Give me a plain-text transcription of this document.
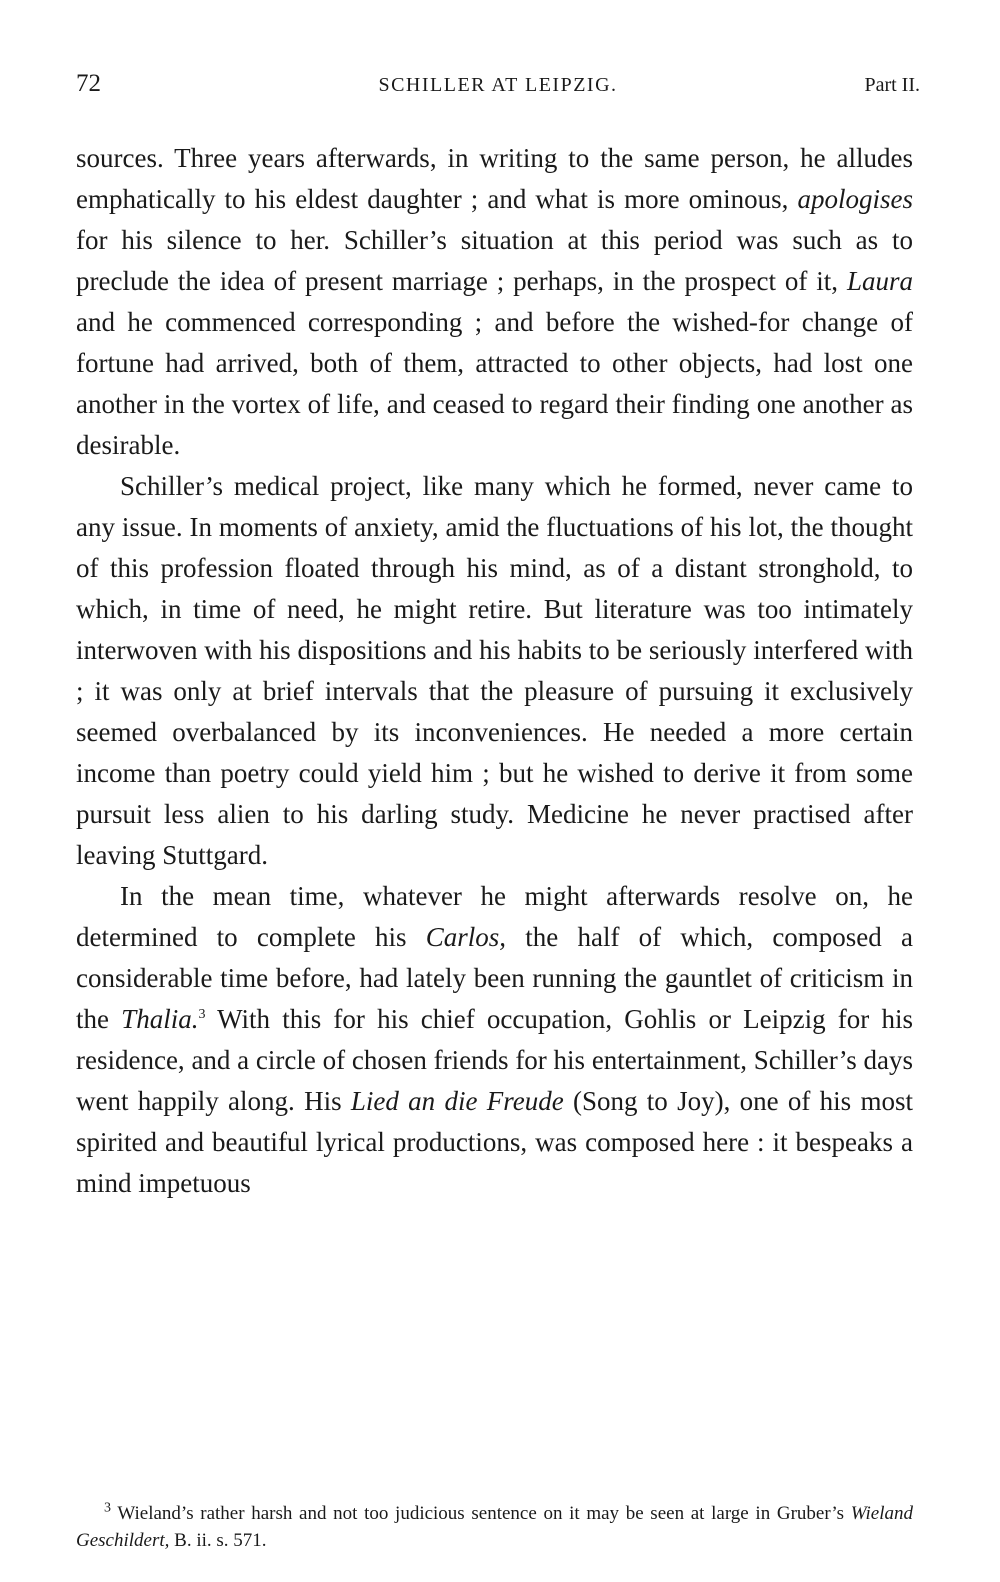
72	SCHILLER AT LEIPZIG.	Part II.

sources. Three years afterwards, in writing to the same person, he alludes emphatically to his eldest daughter ; and what is more ominous, apologises for his silence to her. Schiller’s situation at this period was such as to preclude the idea of present marriage ; perhaps, in the prospect of it, Laura and he commenced corresponding ; and before the wished-for change of fortune had arrived, both of them, attracted to other objects, had lost one another in the vortex of life, and ceased to regard their finding one another as desirable.

Schiller’s medical project, like many which he formed, never came to any issue. In moments of anxiety, amid the fluctuations of his lot, the thought of this profession floated through his mind, as of a distant stronghold, to which, in time of need, he might retire. But literature was too intimately interwoven with his dispositions and his habits to be seriously interfered with ; it was only at brief intervals that the pleasure of pursuing it exclusively seemed overbalanced by its inconveniences. He needed a more certain income than poetry could yield him ; but he wished to derive it from some pursuit less alien to his darling study. Medicine he never practised after leaving Stuttgard.

In the mean time, whatever he might afterwards resolve on, he determined to complete his Carlos, the half of which, composed a considerable time before, had lately been running the gauntlet of criticism in the Thalia.$^3$ With this for his chief occupation, Gohlis or Leipzig for his residence, and a circle of chosen friends for his entertainment, Schiller’s days went happily along. His Lied an die Freude (Song to Joy), one of his most spirited and beautiful lyrical productions, was composed here : it bespeaks a mind impetuous

$^3$ Wieland’s rather harsh and not too judicious sentence on it may be seen at large in Gruber’s Wieland Geschildert, B. ii. s. 571.
